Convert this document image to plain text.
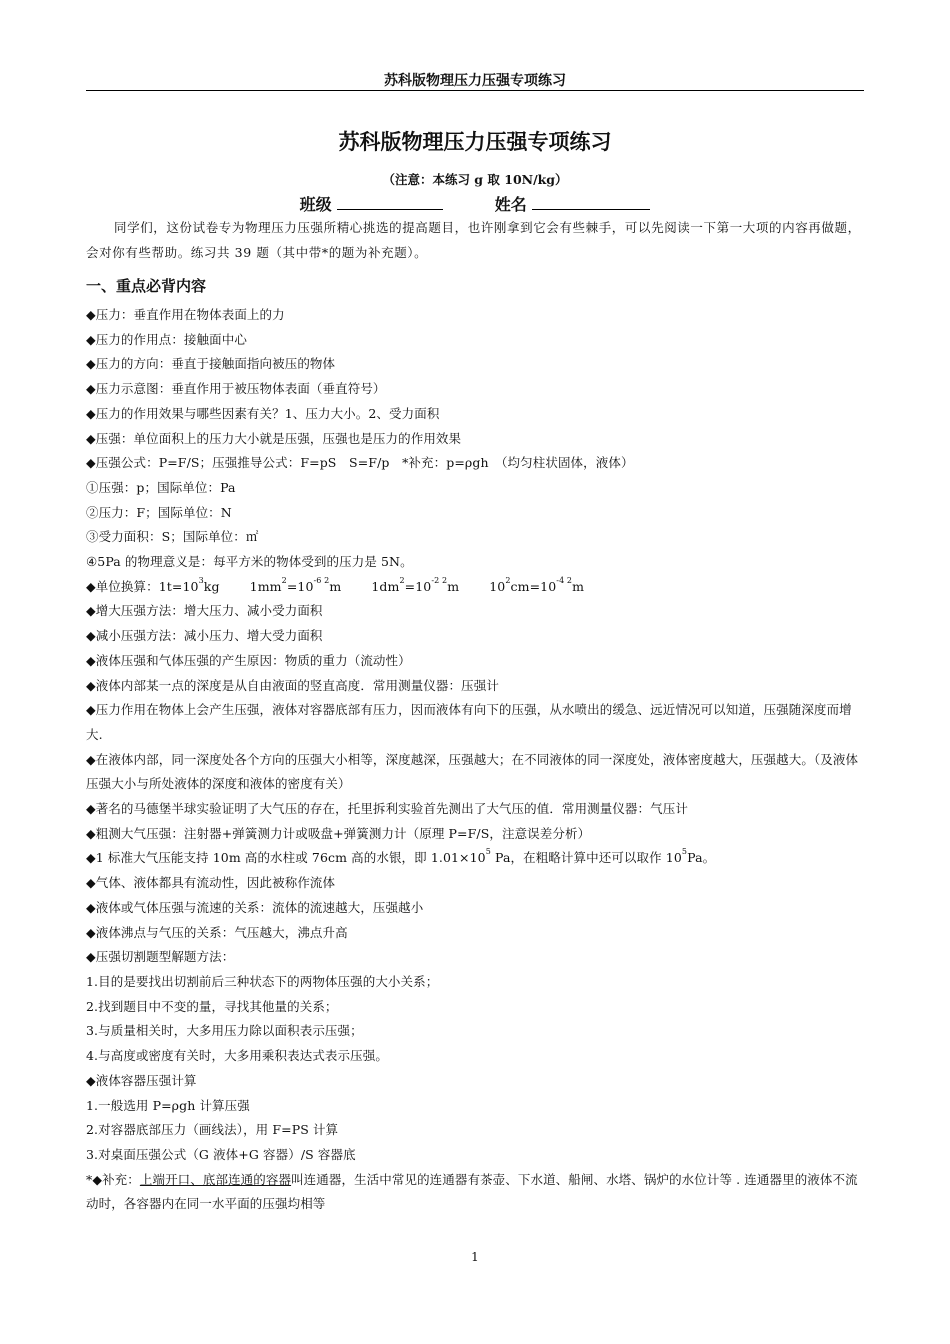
苏科版物理压力压强专项练习
苏科版物理压力压强专项练习
（注意：本练习 g 取 10N/kg）
班级	姓名
同学们，这份试卷专为物理压力压强所精心挑选的提高题目，也许刚拿到它会有些棘手，可以先阅读一下第一大项的内容再做题，会对你有些帮助。练习共 39 题（其中带*的题为补充题）。
一、重点必背内容
◆压力：垂直作用在物体表面上的力
◆压力的作用点：接触面中心
◆压力的方向：垂直于接触面指向被压的物体
◆压力示意图：垂直作用于被压物体表面（垂直符号）
◆压力的作用效果与哪些因素有关？1、压力大小。2、受力面积
◆压强：单位面积上的压力大小就是压强，压强也是压力的作用效果
◆压强公式：P=F/S；压强推导公式：F=pS　S=F/p　*补充：p=ρgh　（均匀柱状固体，液体）
①压强：p；国际单位：Pa
②压力：F；国际单位：N
③受力面积：S；国际单位：㎡
④5Pa 的物理意义是：每平方米的物体受到的压力是 5N。
◆单位换算：$1t=10^3kg$ $1mm^2=10^{-6 2}m$ $1dm^2=10^{-2 2}m$ $10^2cm=10^{-4 2}m$
◆增大压强方法：增大压力、减小受力面积
◆减小压强方法：减小压力、增大受力面积
◆液体压强和气体压强的产生原因：物质的重力（流动性）
◆液体内部某一点的深度是从自由液面的竖直高度．常用测量仪器：压强计
◆压力作用在物体上会产生压强，液体对容器底部有压力，因而液体有向下的压强，从水喷出的缓急、远近情况可以知道，压强随深度而增大.
◆在液体内部，同一深度处各个方向的压强大小相等，深度越深，压强越大；在不同液体的同一深度处，液体密度越大，压强越大。（及液体压强大小与所处液体的深度和液体的密度有关）
◆著名的马德堡半球实验证明了大气压的存在，托里拆利实验首先测出了大气压的值．常用测量仪器：气压计
◆粗测大气压强：注射器+弹簧测力计或吸盘+弹簧测力计（原理 P=F/S，注意误差分析）
◆1 标准大气压能支持 10m 高的水柱或 76cm 高的水银，即 $1.01\times 10^5$ Pa，在粗略计算中还可以取作 $10^5Pa$。
◆气体、液体都具有流动性，因此被称作流体
◆液体或气体压强与流速的关系：流体的流速越大，压强越小
◆液体沸点与气压的关系：气压越大，沸点升高
◆压强切割题型解题方法：
1.目的是要找出切割前后三种状态下的两物体压强的大小关系；
2.找到题目中不变的量，寻找其他量的关系；
3.与质量相关时，大多用压力除以面积表示压强；
4.与高度或密度有关时，大多用乘积表达式表示压强。
◆液体容器压强计算
1.一般选用 P=ρgh 计算压强
2.对容器底部压力（画线法），用 F=PS 计算
3.对桌面压强公式（G 液体+G 容器）/S 容器底
*◆补充：上端开口、底部连通的容器叫连通器，生活中常见的连通器有茶壶、下水道、船闸、水塔、锅炉的水位计等 . 连通器里的液体不流动时，各容器内在同一水平面的压强均相等
1
